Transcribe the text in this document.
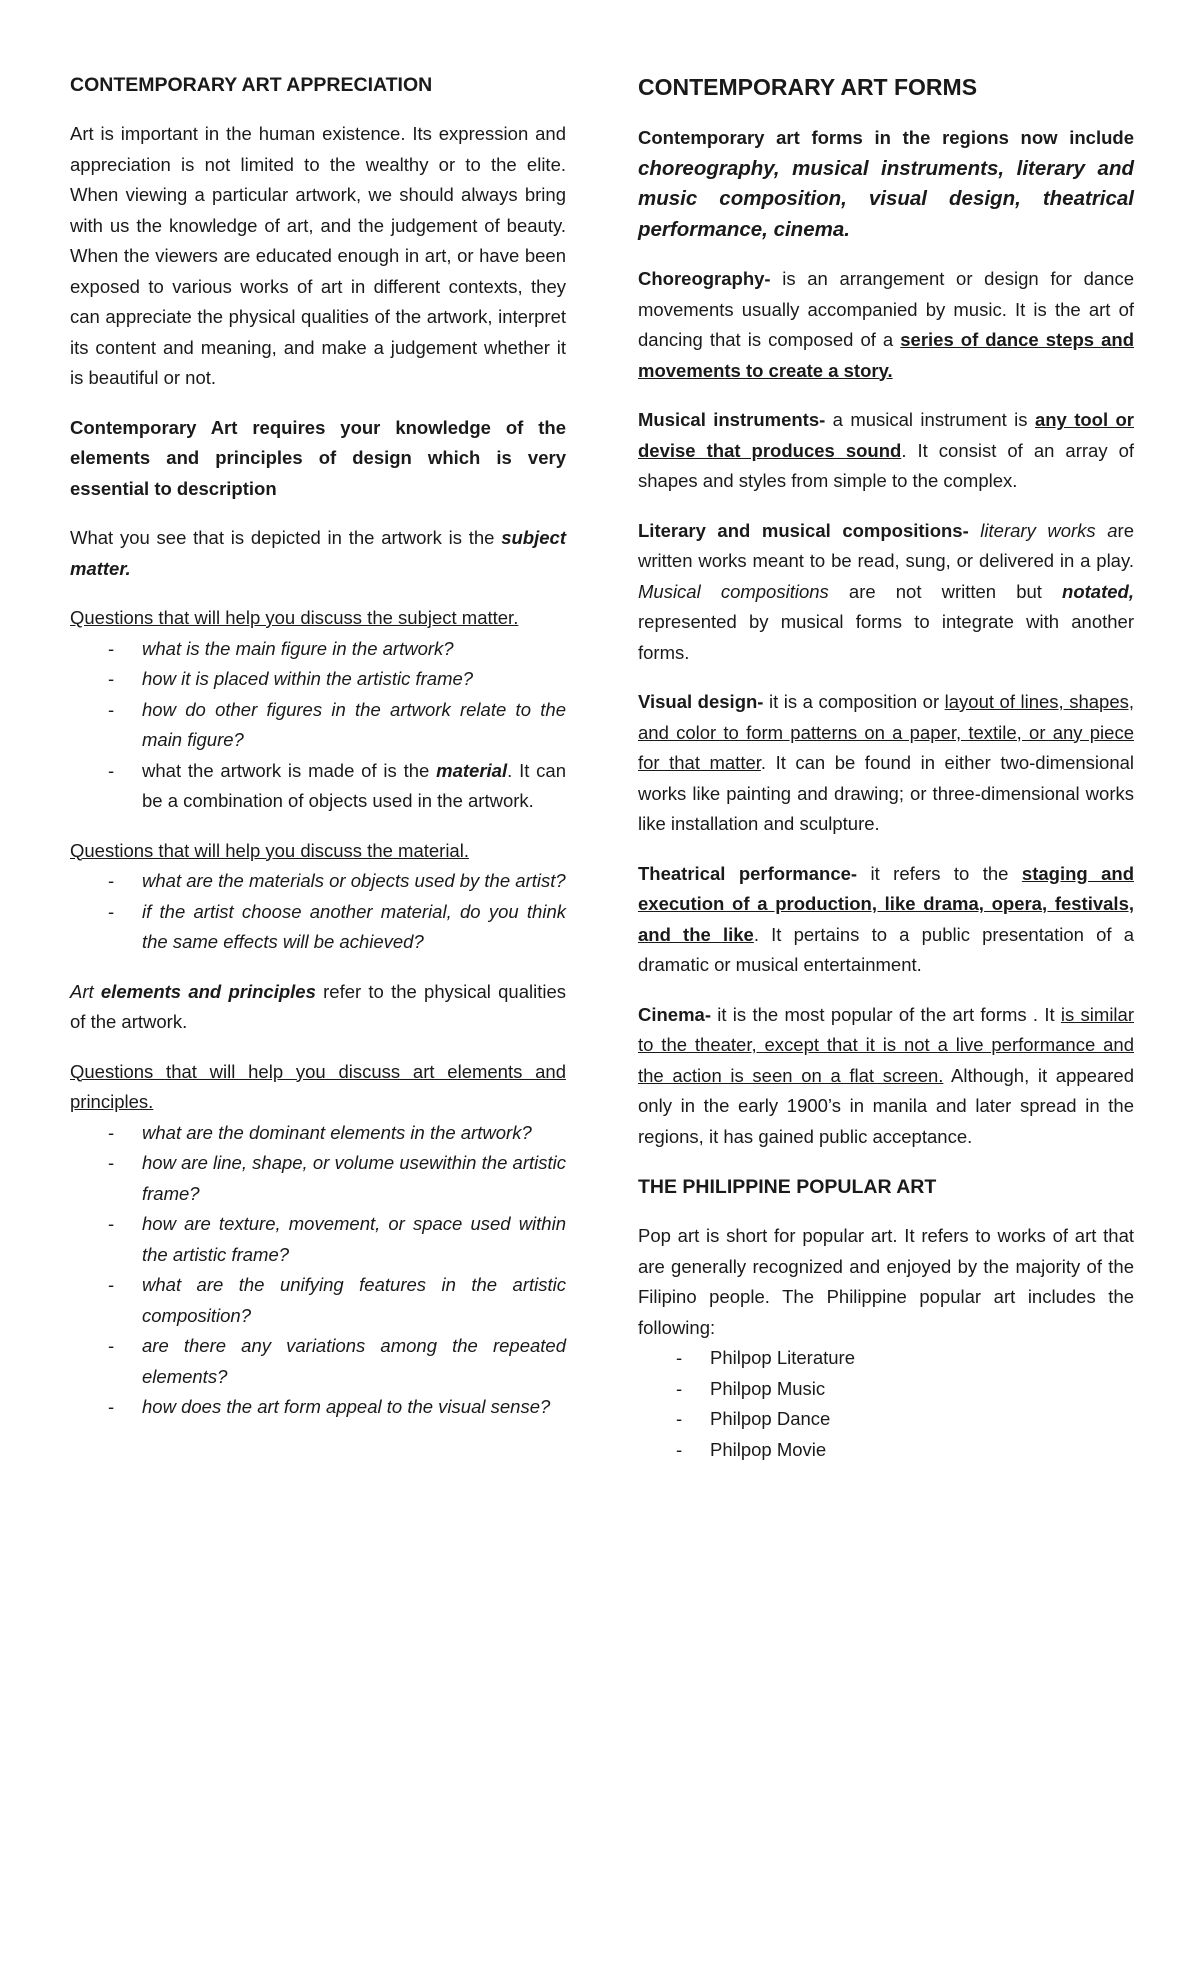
CONTEMPORARY ART APPRECIATION

Art is important in the human existence. Its expression and appreciation is not limited to the wealthy or to the elite. When viewing a particular artwork, we should always bring with us the knowledge of art, and the judgement of beauty. When the viewers are educated enough in art, or have been exposed to various works of art in different contexts, they can appreciate the physical qualities of the artwork, interpret its content and meaning, and make a judgement whether it is beautiful or not.

Contemporary Art requires your knowledge of the elements and principles of design which is very essential to description

What you see that is depicted in the artwork is the subject matter.

Questions that will help you discuss the subject matter.

- what is the main figure in the artwork?
- how it is placed within the artistic frame?
- how do other figures in the artwork relate to the main figure?
- what the artwork is made of is the material. It can be a combination of objects used in the artwork.

Questions that will help you discuss the material.

- what are the materials or objects used by the artist?
- if the artist choose another material, do you think the same effects will be achieved?

Art elements and principles refer to the physical qualities of the artwork.

Questions that will help you discuss art elements and principles.

- what are the dominant elements in the artwork?
- how are line, shape, or volume usewithin the artistic frame?
- how are texture, movement, or space used within the artistic frame?
- what are the unifying features in the artistic composition?
- are there any variations among the repeated elements?
- how does the art form appeal to the visual sense?

CONTEMPORARY ART FORMS

Contemporary art forms in the regions now include choreography, musical instruments, literary and music composition, visual design, theatrical performance, cinema.

Choreography- is an arrangement or design for dance movements usually accompanied by music. It is the art of dancing that is composed of a series of dance steps and movements to create a story.

Musical instruments- a musical instrument is any tool or devise that produces sound. It consist of an array of shapes and styles from simple to the complex.

Literary and musical compositions- literary works are written works meant to be read, sung, or delivered in a play. Musical compositions are not written but notated, represented by musical forms to integrate with another forms.

Visual design- it is a composition or layout of lines, shapes, and color to form patterns on a paper, textile, or any piece for that matter. It can be found in either two-dimensional works like painting and drawing; or three-dimensional works like installation and sculpture.

Theatrical performance- it refers to the staging and execution of a production, like drama, opera, festivals, and the like. It pertains to a public presentation of a dramatic or musical entertainment.

Cinema- it is the most popular of the art forms . It is similar to the theater, except that it is not a live performance and the action is seen on a flat screen. Although, it appeared only in the early 1900’s in manila and later spread in the regions, it has gained public acceptance.

THE PHILIPPINE POPULAR ART

Pop art is short for popular art. It refers to works of art that are generally recognized and enjoyed by the majority of the Filipino people. The Philippine popular art includes the following:

- Philpop Literature
- Philpop Music
- Philpop Dance
- Philpop Movie
